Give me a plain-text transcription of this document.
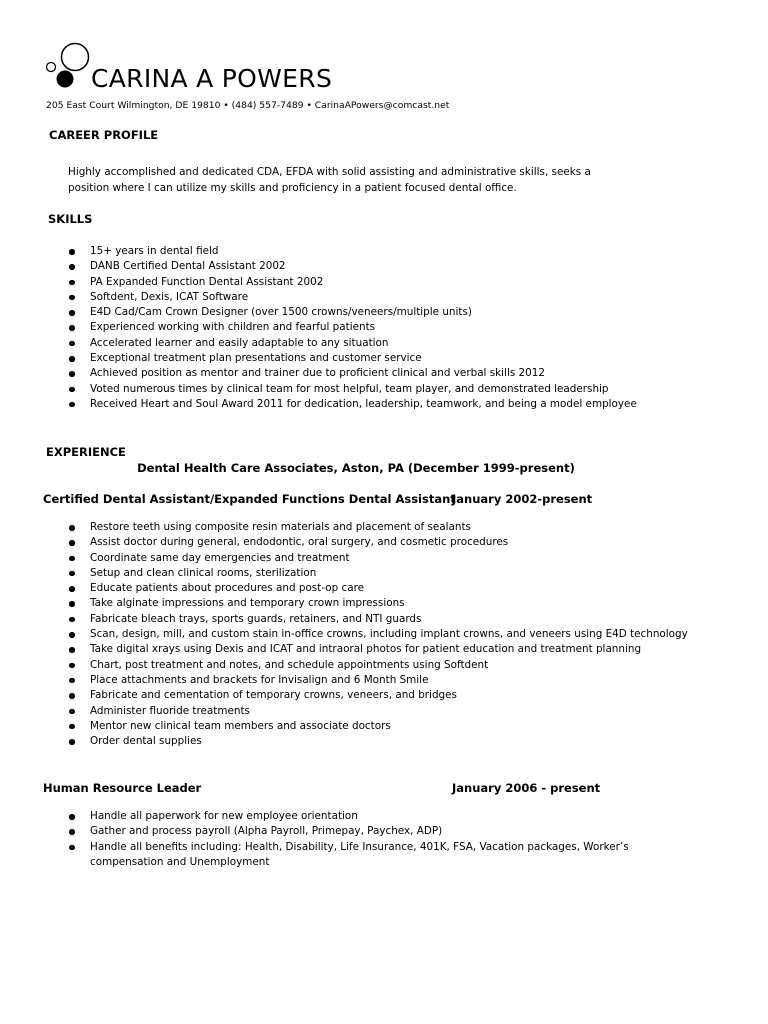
CARINA A POWERS
205 East Court Wilmington, DE 19810 • (484) 557-7489 • CarinaAPowers@comcast.net
CAREER PROFILE
Highly accomplished and dedicated CDA, EFDA with solid assisting and administrative skills, seeks a
position where I can utilize my skills and proficiency in a patient focused dental office.
SKILLS
15+ years in dental field
DANB Certified Dental Assistant 2002
PA Expanded Function Dental Assistant 2002
Softdent, Dexis, ICAT Software
E4D Cad/Cam Crown Designer (over 1500 crowns/veneers/multiple units)
Experienced working with children and fearful patients
Accelerated learner and easily adaptable to any situation
Exceptional treatment plan presentations and customer service
Achieved position as mentor and trainer due to proficient clinical and verbal skills 2012
Voted numerous times by clinical team for most helpful, team player, and demonstrated leadership
Received Heart and Soul Award 2011 for dedication, leadership, teamwork, and being a model employee
EXPERIENCE
Dental Health Care Associates, Aston, PA (December 1999-present)
Certified Dental Assistant/Expanded Functions Dental Assistant
January 2002-present
Restore teeth using composite resin materials and placement of sealants
Assist doctor during general, endodontic, oral surgery, and cosmetic procedures
Coordinate same day emergencies and treatment
Setup and clean clinical rooms, sterilization
Educate patients about procedures and post-op care
Take alginate impressions and temporary crown impressions
Fabricate bleach trays, sports guards, retainers, and NTI guards
Scan, design, mill, and custom stain in-office crowns, including implant crowns, and veneers using E4D technology
Take digital xrays using Dexis and ICAT and intraoral photos for patient education and treatment planning
Chart, post treatment and notes, and schedule appointments using Softdent
Place attachments and brackets for Invisalign and 6 Month Smile
Fabricate and cementation of temporary crowns, veneers, and bridges
Administer fluoride treatments
Mentor new clinical team members and associate doctors
Order dental supplies
Human Resource Leader	January 2006 - present
Handle all paperwork for new employee orientation
Gather and process payroll (Alpha Payroll, Primepay, Paychex, ADP)
Handle all benefits including: Health, Disability, Life Insurance, 401K, FSA, Vacation packages, Worker’s compensation and Unemployment
